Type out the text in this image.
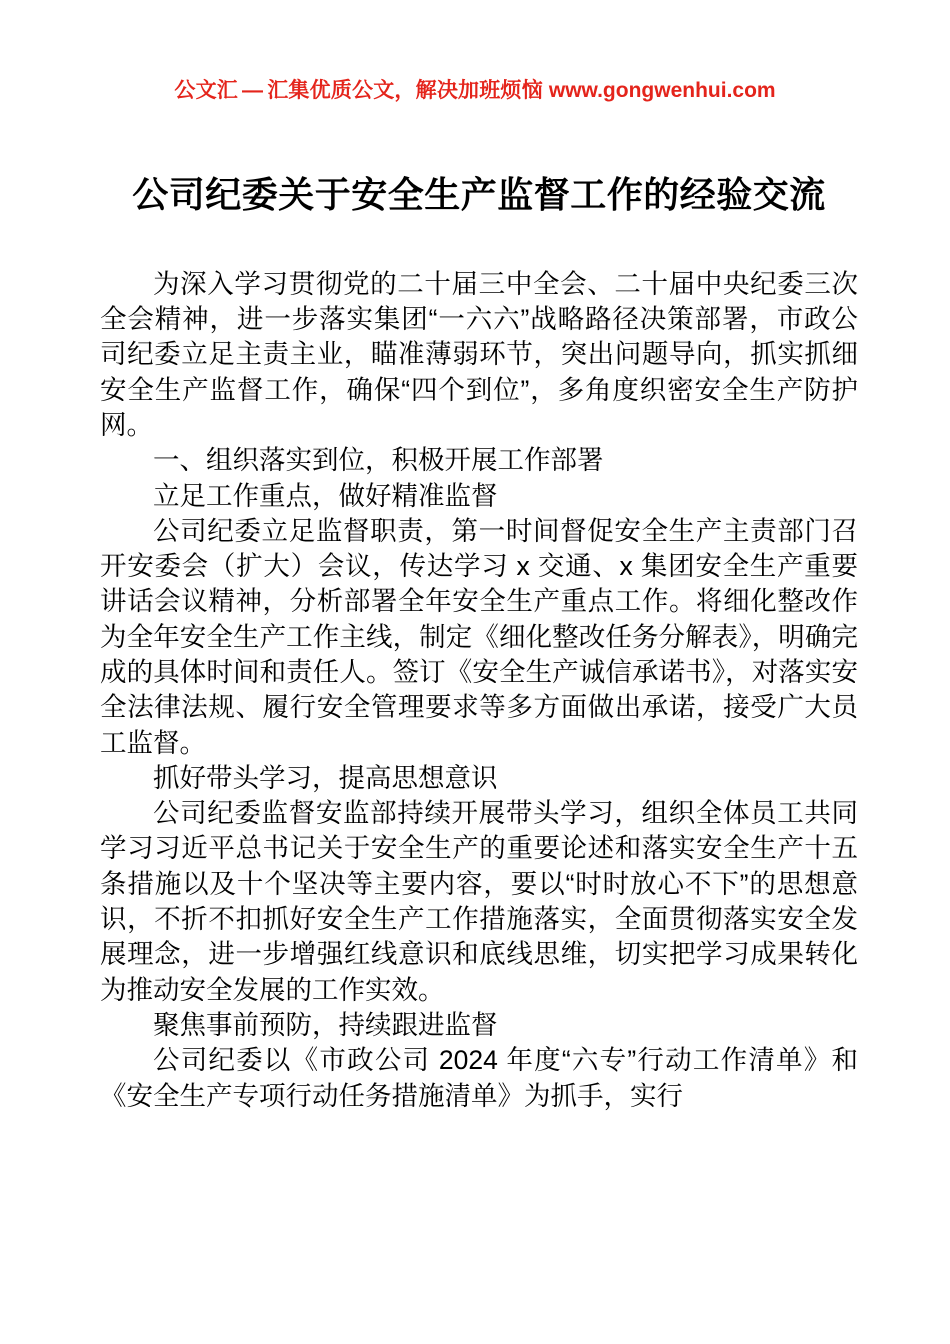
公文汇 — 汇集优质公文，解决加班烦恼 www.gongwenhui.com
公司纪委关于安全生产监督工作的经验交流

为深入学习贯彻党的二十届三中全会、二十届中央纪委三次全会精神，进一步落实集团“一六六”战略路径决策部署，市政公司纪委立足主责主业，瞄准薄弱环节，突出问题导向，抓实抓细安全生产监督工作，确保“四个到位”，多角度织密安全生产防护网。

一、组织落实到位，积极开展工作部署

立足工作重点，做好精准监督

公司纪委立足监督职责，第一时间督促安全生产主责部门召开安委会（扩大）会议，传达学习 x 交通、x 集团安全生产重要讲话会议精神，分析部署全年安全生产重点工作。将细化整改作为全年安全生产工作主线，制定《细化整改任务分解表》，明确完成的具体时间和责任人。签订《安全生产诚信承诺书》，对落实安全法律法规、履行安全管理要求等多方面做出承诺，接受广大员工监督。

抓好带头学习，提高思想意识

公司纪委监督安监部持续开展带头学习，组织全体员工共同学习习近平总书记关于安全生产的重要论述和落实安全生产十五条措施以及十个坚决等主要内容，要以“时时放心不下”的思想意识，不折不扣抓好安全生产工作措施落实，全面贯彻落实安全发展理念，进一步增强红线意识和底线思维，切实把学习成果转化为推动安全发展的工作实效。

聚焦事前预防，持续跟进监督

公司纪委以《市政公司 2024 年度“六专”行动工作清单》和《安全生产专项行动任务措施清单》为抓手，实行
